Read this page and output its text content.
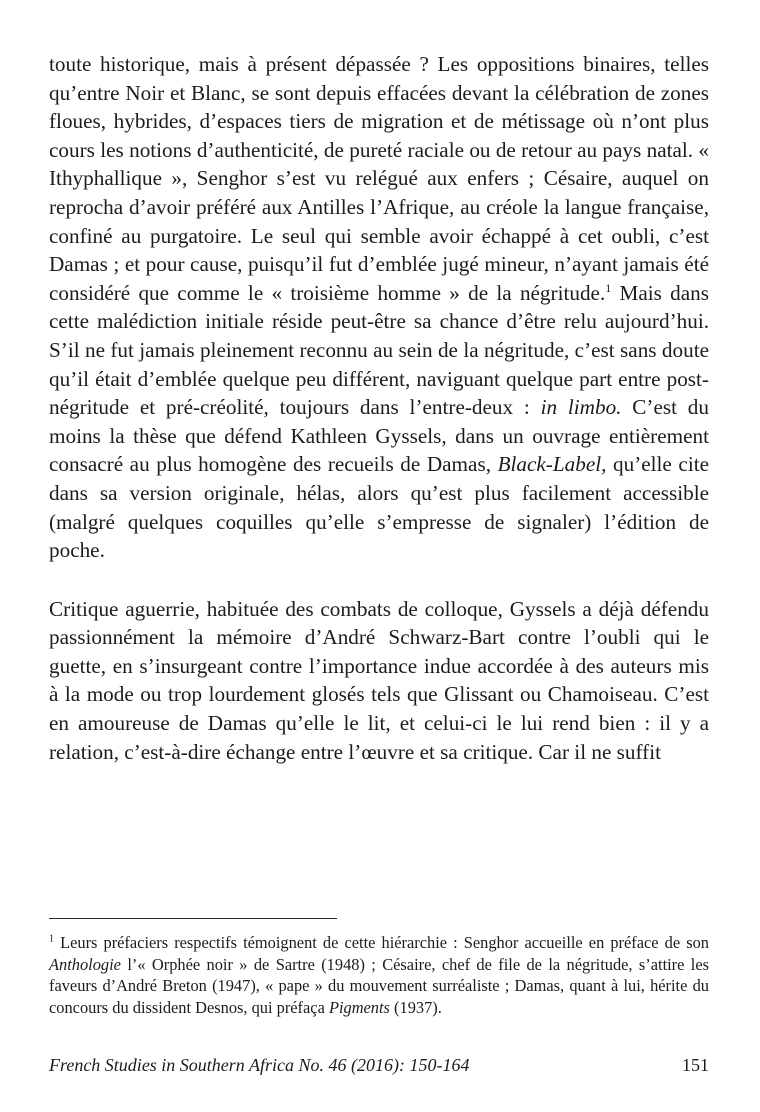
toute historique, mais à présent dépassée ? Les oppositions binaires, telles qu’entre Noir et Blanc, se sont depuis effacées devant la célébration de zones floues, hybrides, d’espaces tiers de migration et de métissage où n’ont plus cours les notions d’authenticité, de pureté raciale ou de retour au pays natal. « Ithyphallique », Senghor s’est vu relégué aux enfers ; Césaire, auquel on reprocha d’avoir préféré aux Antilles l’Afrique, au créole la langue française, confiné au purgatoire. Le seul qui semble avoir échappé à cet oubli, c’est Damas ; et pour cause, puisqu’il fut d’emblée jugé mineur, n’ayant jamais été considéré que comme le « troisième homme » de la négritude.$^1$ Mais dans cette malédiction initiale réside peut-être sa chance d’être relu aujourd’hui. S’il ne fut jamais pleinement reconnu au sein de la négritude, c’est sans doute qu’il était d’emblée quelque peu différent, naviguant quelque part entre post-négritude et pré-créolité, toujours dans l’entre-deux : in limbo. C’est du moins la thèse que défend Kathleen Gyssels, dans un ouvrage entièrement consacré au plus homogène des recueils de Damas, Black-Label, qu’elle cite dans sa version originale, hélas, alors qu’est plus facilement accessible (malgré quelques coquilles qu’elle s’empresse de signaler) l’édition de poche.

Critique aguerrie, habituée des combats de colloque, Gyssels a déjà défendu passionnément la mémoire d’André Schwarz-Bart contre l’oubli qui le guette, en s’insurgeant contre l’importance indue accordée à des auteurs mis à la mode ou trop lourdement glosés tels que Glissant ou Chamoiseau. C’est en amoureuse de Damas qu’elle le lit, et celui-ci le lui rend bien : il y a relation, c’est-à-dire échange entre l’œuvre et sa critique. Car il ne suffit

$^1$ Leurs préfaciers respectifs témoignent de cette hiérarchie : Senghor accueille en préface de son Anthologie l’« Orphée noir » de Sartre (1948) ; Césaire, chef de file de la négritude, s’attire les faveurs d’André Breton (1947), « pape » du mouvement surréaliste ; Damas, quant à lui, hérite du concours du dissident Desnos, qui préfaça Pigments (1937).

French Studies in Southern Africa No. 46 (2016): 150-164	151
